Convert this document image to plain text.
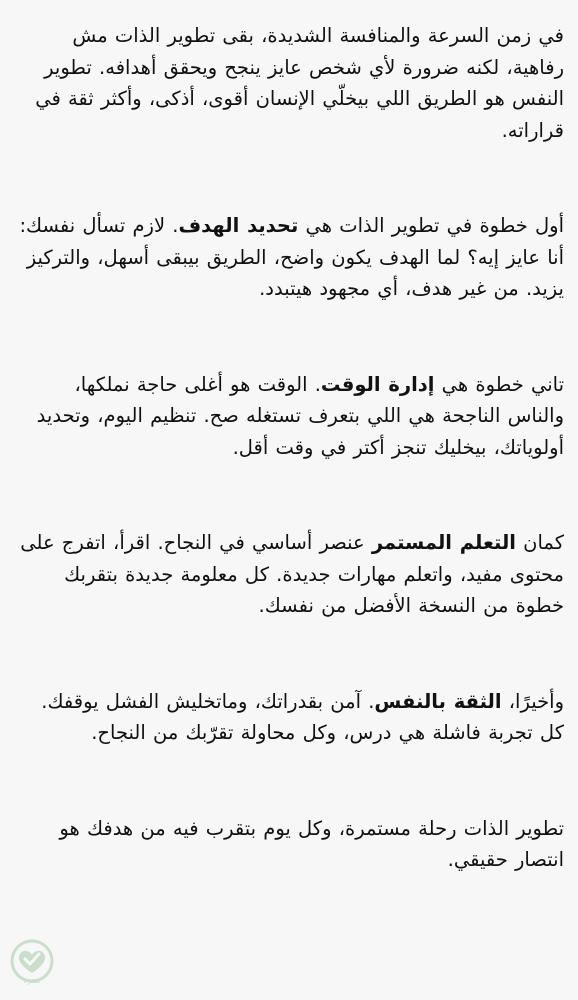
في زمن السرعة والمنافسة الشديدة، بقى تطوير الذات مش رفاهية، لكنه ضرورة لأي شخص عايز ينجح ويحقق أهدافه. تطوير النفس هو الطريق اللي بيخلّي الإنسان أقوى، أذكى، وأكثر ثقة في قراراته.

أول خطوة في تطوير الذات هي تحديد الهدف. لازم تسأل نفسك: أنا عايز إيه؟ لما الهدف يكون واضح، الطريق بيبقى أسهل، والتركيز يزيد. من غير هدف، أي مجهود هيتبدد.

تاني خطوة هي إدارة الوقت. الوقت هو أغلى حاجة نملكها، والناس الناجحة هي اللي بتعرف تستغله صح. تنظيم اليوم، وتحديد أولوياتك، بيخليك تنجز أكتر في وقت أقل.

كمان التعلم المستمر عنصر أساسي في النجاح. اقرأ، اتفرج على محتوى مفيد، واتعلم مهارات جديدة. كل معلومة جديدة بتقربك خطوة من النسخة الأفضل من نفسك.

وأخيرًا، الثقة بالنفس. آمن بقدراتك، وماتخليش الفشل يوقفك. كل تجربة فاشلة هي درس، وكل محاولة تقرّبك من النجاح.

تطوير الذات رحلة مستمرة، وكل يوم بتقرب فيه من هدفك هو انتصار حقيقي.

شفرة
